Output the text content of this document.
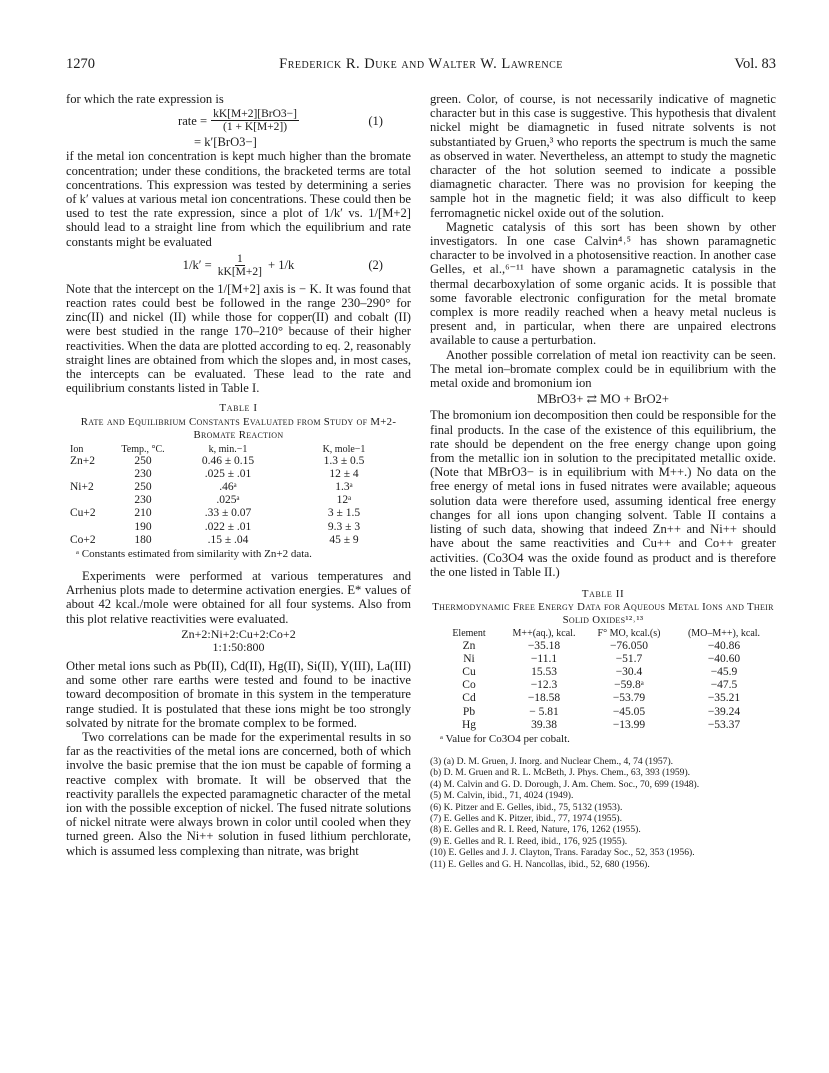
1270	Frederick R. Duke and Walter W. Lawrence	Vol. 83

for which the rate expression is

rate = $\frac{\text{kK[M+2][BrO3−]}}{(1 + K[M+2])}$	(1)
= k′[BrO3−]

if the metal ion concentration is kept much higher than the bromate concentration; under these conditions, the bracketed terms are total concentrations. This expression was tested by determining a series of k′ values at various metal ion concentrations. These could then be used to test the rate expression, since a plot of 1/k′ vs. 1/[M+2] should lead to a straight line from which the equilibrium and rate constants might be evaluated

$1/k' = \frac{1}{kK[M+2]} + 1/k$	(2)

Note that the intercept on the 1/[M+2] axis is − K. It was found that reaction rates could best be followed in the range 230–290° for zinc(II) and nickel (II) while those for copper(II) and cobalt (II) were best studied in the range 170–210° because of their higher reactivities. When the data are plotted according to eq. 2, reasonably straight lines are obtained from which the slopes and, in most cases, the intercepts can be evaluated. These lead to the rate and equilibrium constants listed in Table I.

Table I
Rate and Equilibrium Constants Evaluated from Study of M+2-Bromate Reaction
Ion	Temp., °C.	k, min.−1	K, mole−1
Zn+2	250	0.46 ± 0.15	1.3 ± 0.5
	230	.025 ± .01	12 ± 4
Ni+2	250	.46ᵃ	1.3ᵃ
	230	.025ᵃ	12ᵃ
Cu+2	210	.33 ± 0.07	3 ± 1.5
	190	.022 ± .01	9.3 ± 3
Co+2	180	.15 ± .04	45 ± 9
ᵃ Constants estimated from similarity with Zn+2 data.

Experiments were performed at various temperatures and Arrhenius plots made to determine activation energies. E* values of about 42 kcal./mole were obtained for all four systems. Also from this plot relative reactivities were evaluated.

Zn+2:Ni+2:Cu+2:Co+2
1:1:50:800

Other metal ions such as Pb(II), Cd(II), Hg(II), Si(II), Y(III), La(III) and some other rare earths were tested and found to be inactive toward decomposition of bromate in this system in the temperature range studied. It is postulated that these ions might be too strongly solvated by nitrate for the bromate complex to be formed.

Two correlations can be made for the experimental results in so far as the reactivities of the metal ions are concerned, both of which involve the basic premise that the ion must be capable of forming a reactive complex with bromate. It will be observed that the reactivity parallels the expected paramagnetic character of the metal ion with the possible exception of nickel. The fused nitrate solutions of nickel nitrate were always brown in color until cooled when they turned green. Also the Ni++ solution in fused lithium perchlorate, which is assumed less complexing than nitrate, was bright

green. Color, of course, is not necessarily indicative of magnetic character but in this case is suggestive. This hypothesis that divalent nickel might be diamagnetic in fused nitrate solvents is not substantiated by Gruen,³ who reports the spectrum is much the same as observed in water. Nevertheless, an attempt to study the magnetic character of the hot solution seemed to indicate a possible diamagnetic character. There was no provision for keeping the sample hot in the magnetic field; it was also difficult to keep ferromagnetic nickel oxide out of the solution.

Magnetic catalysis of this sort has been shown by other investigators. In one case Calvin⁴˒⁵ has shown paramagnetic character to be involved in a photosensitive reaction. In another case Gelles, et al.,⁶⁻¹¹ have shown a paramagnetic catalysis in the thermal decarboxylation of some organic acids. It is possible that some favorable electronic configuration for the metal bromate complex is more readily reached when a heavy metal nucleus is present and, in particular, when there are unpaired electrons available to cause a perturbation.

Another possible correlation of metal ion reactivity can be seen. The metal ion–bromate complex could be in equilibrium with the metal oxide and bromonium ion

MBrO3+ ⇄ MO + BrO2+

The bromonium ion decomposition then could be responsible for the final products. In the case of the existence of this equilibrium, the rate should be dependent on the free energy change upon going from the metallic ion in solution to the precipitated metallic oxide. (Note that MBrO3− is in equilibrium with M++.) No data on the free energy of metal ions in fused nitrates were available; aqueous solution data were therefore used, assuming identical free energy changes for all ions upon changing solvent. Table II contains a listing of such data, showing that indeed Zn++ and Ni++ should have about the same reactivities and Cu++ and Co++ greater activities. (Co3O4 was the oxide found as product and is therefore the one listed in Table II.)

Table II
Thermodynamic Free Energy Data for Aqueous Metal Ions and Their Solid Oxides¹²˒¹³
Element	M++(aq.), kcal.	F° MO, kcal.(s)	(MO–M++), kcal.
Zn	−35.18	−76.050	−40.86
Ni	−11.1	−51.7	−40.60
Cu	15.53	−30.4	−45.9
Co	−12.3	−59.8ᵃ	−47.5
Cd	−18.58	−53.79	−35.21
Pb	− 5.81	−45.05	−39.24
Hg	39.38	−13.99	−53.37
ᵃ Value for Co3O4 per cobalt.
(3) (a) D. M. Gruen, J. Inorg. and Nuclear Chem., 4, 74 (1957).
(b) D. M. Gruen and R. L. McBeth, J. Phys. Chem., 63, 393 (1959).
(4) M. Calvin and G. D. Dorough, J. Am. Chem. Soc., 70, 699 (1948).
(5) M. Calvin, ibid., 71, 4024 (1949).
(6) K. Pitzer and E. Gelles, ibid., 75, 5132 (1953).
(7) E. Gelles and K. Pitzer, ibid., 77, 1974 (1955).
(8) E. Gelles and R. I. Reed, Nature, 176, 1262 (1955).
(9) E. Gelles and R. I. Reed, ibid., 176, 925 (1955).
(10) E. Gelles and J. J. Clayton, Trans. Faraday Soc., 52, 353 (1956).
(11) E. Gelles and G. H. Nancollas, ibid., 52, 680 (1956).
